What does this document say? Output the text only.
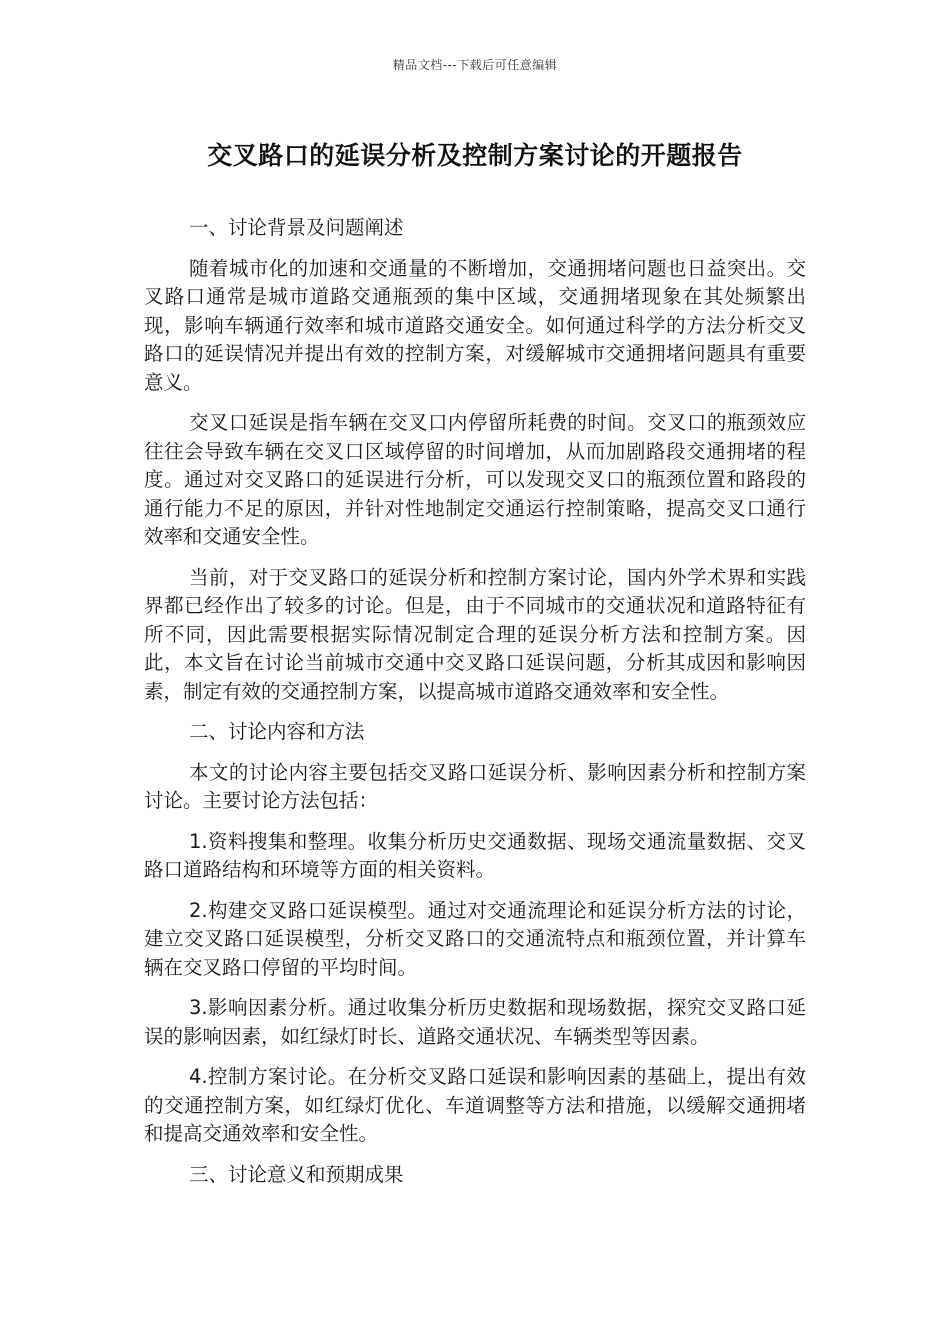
精品文档---下载后可任意编辑
交叉路口的延误分析及控制方案讨论的开题报告

一、讨论背景及问题阐述

随着城市化的加速和交通量的不断增加，交通拥堵问题也日益突出。交叉路口通常是城市道路交通瓶颈的集中区域，交通拥堵现象在其处频繁出现，影响车辆通行效率和城市道路交通安全。如何通过科学的方法分析交叉路口的延误情况并提出有效的控制方案，对缓解城市交通拥堵问题具有重要意义。

交叉口延误是指车辆在交叉口内停留所耗费的时间。交叉口的瓶颈效应往往会导致车辆在交叉口区域停留的时间增加，从而加剧路段交通拥堵的程度。通过对交叉路口的延误进行分析，可以发现交叉口的瓶颈位置和路段的通行能力不足的原因，并针对性地制定交通运行控制策略，提高交叉口通行效率和交通安全性。

当前，对于交叉路口的延误分析和控制方案讨论，国内外学术界和实践界都已经作出了较多的讨论。但是，由于不同城市的交通状况和道路特征有所不同，因此需要根据实际情况制定合理的延误分析方法和控制方案。因此，本文旨在讨论当前城市交通中交叉路口延误问题，分析其成因和影响因素，制定有效的交通控制方案，以提高城市道路交通效率和安全性。

二、讨论内容和方法

本文的讨论内容主要包括交叉路口延误分析、影响因素分析和控制方案讨论。主要讨论方法包括：

1.资料搜集和整理。收集分析历史交通数据、现场交通流量数据、交叉路口道路结构和环境等方面的相关资料。

2.构建交叉路口延误模型。通过对交通流理论和延误分析方法的讨论，建立交叉路口延误模型，分析交叉路口的交通流特点和瓶颈位置，并计算车辆在交叉路口停留的平均时间。

3.影响因素分析。通过收集分析历史数据和现场数据，探究交叉路口延误的影响因素，如红绿灯时长、道路交通状况、车辆类型等因素。

4.控制方案讨论。在分析交叉路口延误和影响因素的基础上，提出有效的交通控制方案，如红绿灯优化、车道调整等方法和措施，以缓解交通拥堵和提高交通效率和安全性。

三、讨论意义和预期成果
